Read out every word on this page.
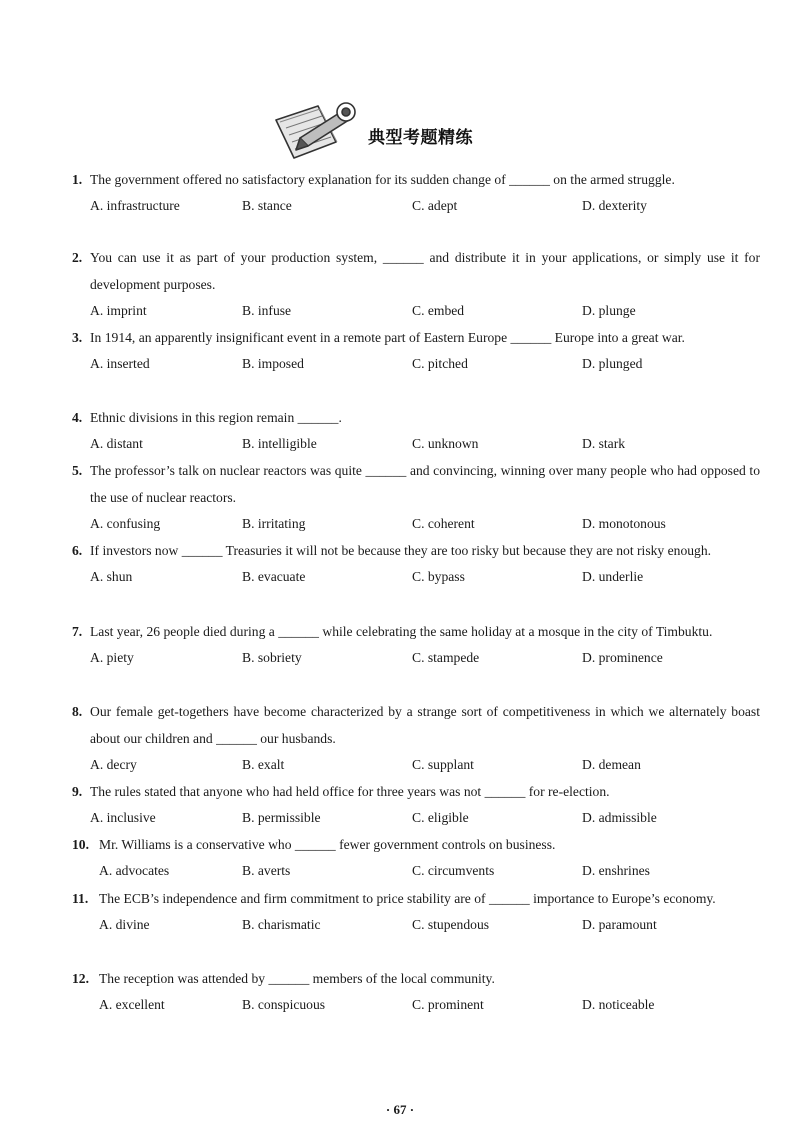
典型考题精练
1. The government offered no satisfactory explanation for its sudden change of ______ on the armed struggle.
A. infrastructure	B. stance	C. adept	D. dexterity
2. You can use it as part of your production system, ______ and distribute it in your applications, or simply use it for development purposes.
A. imprint	B. infuse	C. embed	D. plunge
3. In 1914, an apparently insignificant event in a remote part of Eastern Europe ______ Europe into a great war.
A. inserted	B. imposed	C. pitched	D. plunged
4. Ethnic divisions in this region remain ______.
A. distant	B. intelligible	C. unknown	D. stark
5. The professor’s talk on nuclear reactors was quite ______ and convincing, winning over many people who had opposed to the use of nuclear reactors.
A. confusing	B. irritating	C. coherent	D. monotonous
6. If investors now ______ Treasuries it will not be because they are too risky but because they are not risky enough.
A. shun	B. evacuate	C. bypass	D. underlie
7. Last year, 26 people died during a ______ while celebrating the same holiday at a mosque in the city of Timbuktu.
A. piety	B. sobriety	C. stampede	D. prominence
8. Our female get-togethers have become characterized by a strange sort of competitiveness in which we alternately boast about our children and ______ our husbands.
A. decry	B. exalt	C. supplant	D. demean
9. The rules stated that anyone who had held office for three years was not ______ for re-election.
A. inclusive	B. permissible	C. eligible	D. admissible
10. Mr. Williams is a conservative who ______ fewer government controls on business.
A. advocates	B. averts	C. circumvents	D. enshrines
11. The ECB’s independence and firm commitment to price stability are of ______ importance to Europe’s economy.
A. divine	B. charismatic	C. stupendous	D. paramount
12. The reception was attended by ______ members of the local community.
A. excellent	B. conspicuous	C. prominent	D. noticeable
· 67 ·
